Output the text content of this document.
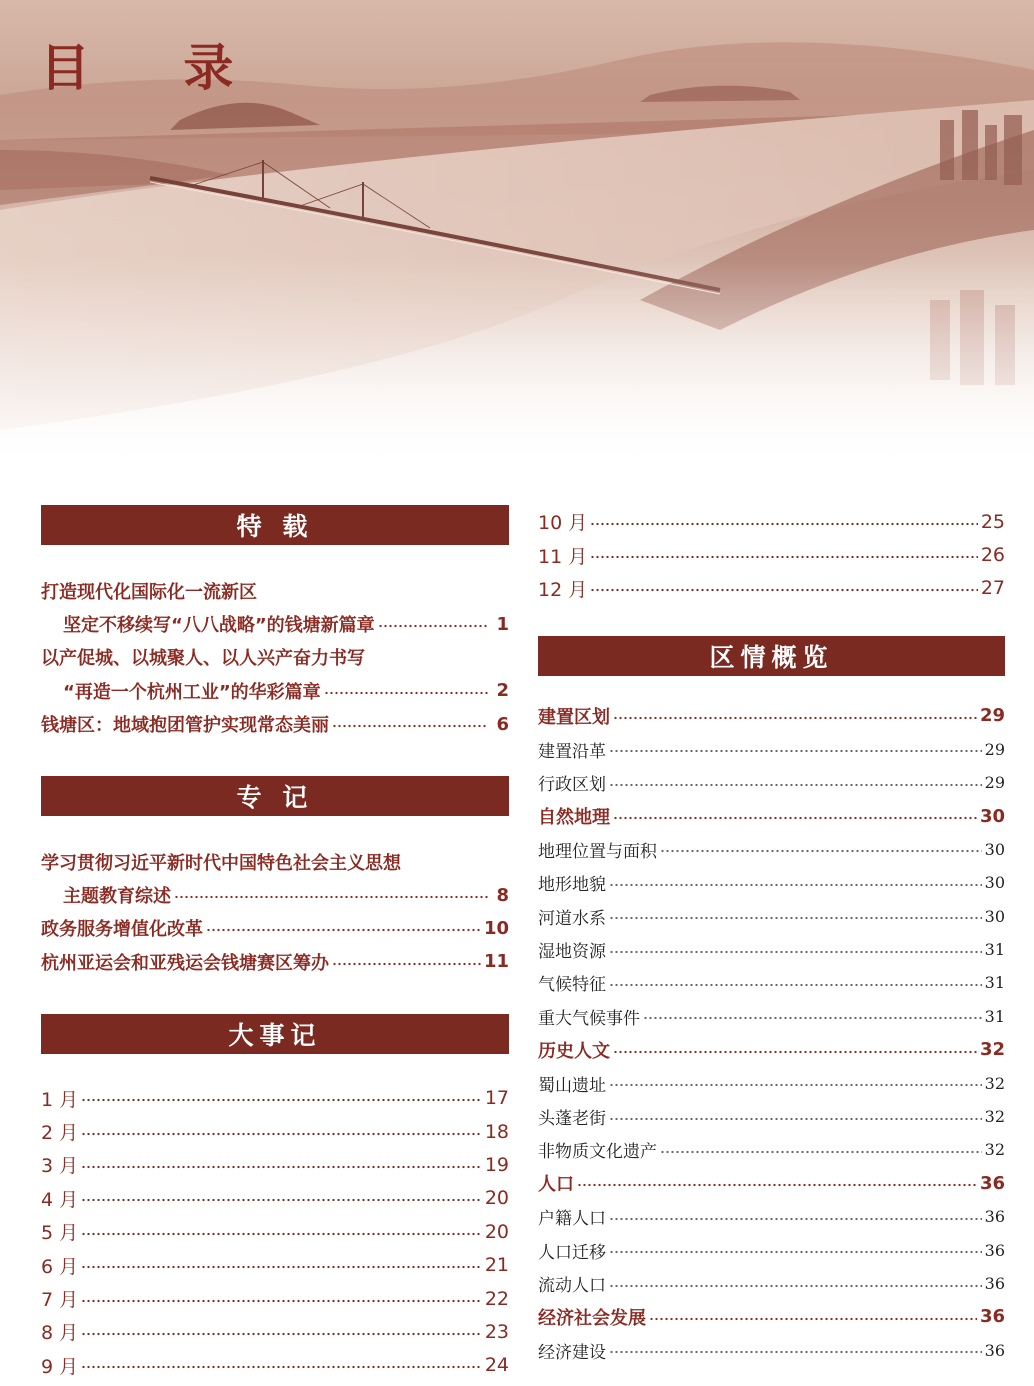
目 录
特 载
打造现代化国际化一流新区
坚定不移续写“八八战略”的钱塘新篇章	1
以产促城、以城聚人、以人兴产奋力书写
“再造一个杭州工业”的华彩篇章	2
钱塘区：地域抱团管护实现常态美丽	6
专 记
学习贯彻习近平新时代中国特色社会主义思想
主题教育综述	8
政务服务增值化改革	10
杭州亚运会和亚残运会钱塘赛区筹办	11
大事记
1 月	17
2 月	18
3 月	19
4 月	20
5 月	20
6 月	21
7 月	22
8 月	23
9 月	24
10 月	25
11 月	26
12 月	27
区情概览
建置区划	29
建置沿革	29
行政区划	29
自然地理	30
地理位置与面积	30
地形地貌	30
河道水系	30
湿地资源	31
气候特征	31
重大气候事件	31
历史人文	32
蜀山遗址	32
头蓬老街	32
非物质文化遗产	32
人口	36
户籍人口	36
人口迁移	36
流动人口	36
经济社会发展	36
经济建设	36
